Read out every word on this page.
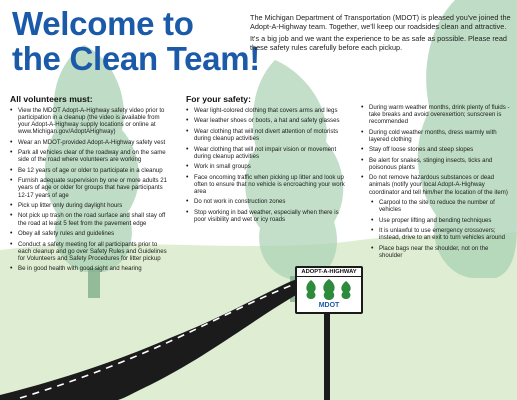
Welcome to
the Clean Team!

The Michigan Department of Transportation (MDOT) is pleased you've joined the Adopt-A-Highway team. Together, we'll keep our roadsides clean and attractive.

It's a big job and we want the experience to be as safe as possible. Please read these safety rules carefully before each pickup.

All volunteers must:
• View the MDOT Adopt-A-Highway safety video prior to participation in a cleanup (the video is available from your Adopt-A-Highway supply locations or online at www.Michigan.gov/AdoptAHighway)
• Wear an MDOT-provided Adopt-A-Highway safety vest
• Park all vehicles clear of the roadway and on the same side of the road where volunteers are working
• Be 12 years of age or older to participate in a cleanup
• Furnish adequate supervision by one or more adults 21 years of age or older for groups that have participants 12-17 years of age
• Pick up litter only during daylight hours
• Not pick up trash on the road surface and shall stay off the road at least 5 feet from the pavement edge
• Obey all safety rules and guidelines
• Conduct a safety meeting for all participants prior to each cleanup and go over Safety Rules and Guidelines for Volunteers and Safety Procedures for litter pickup
• Be in good health with good sight and hearing
For your safety:
• Wear light-colored clothing that covers arms and legs
• Wear leather shoes or boots, a hat and safety glasses
• Wear clothing that will not divert attention of motorists during cleanup activities
• Wear clothing that will not impair vision or movement during cleanup activities
• Work in small groups
• Face oncoming traffic when picking up litter and look up often to ensure that no vehicle is encroaching your work area
• Do not work in construction zones
• Stop working in bad weather, especially when there is poor visibility and wet or icy roads
• During warm weather months, drink plenty of fluids - take breaks and avoid overexertion; sunscreen is recommended
• During cold weather months, dress warmly with layered clothing
• Stay off loose stones and steep slopes
• Be alert for snakes, stinging insects, ticks and poisonous plants
• Do not remove hazardous substances or dead animals (notify your local Adopt-A-Highway coordinator and tell him/her the location of the item)
• Carpool to the site to reduce the number of vehicles
• Use proper lifting and bending techniques
• It is unlawful to use emergency crossovers; instead, drive to an exit to turn vehicles around
• Place bags near the shoulder, not on the shoulder
ADOPT-A-HIGHWAY
MDOT
